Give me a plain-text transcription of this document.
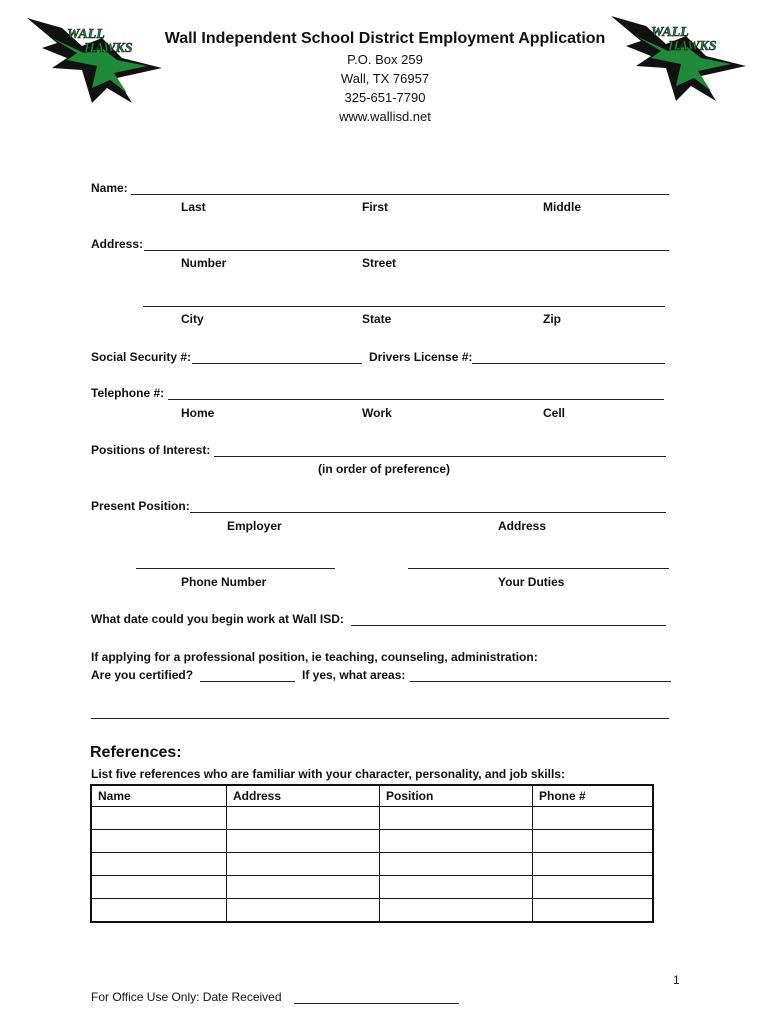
WALL
HAWKS
WALL
HAWKS
Wall Independent School District Employment Application
P.O. Box 259
Wall, TX 76957
325-651-7790
www.wallisd.net
Name:
Last	First	Middle
Address:
Number	Street
City	State	Zip
Social Security #:	Drivers License #:
Telephone #:
Home	Work	Cell
Positions of Interest:
(in order of preference)
Present Position:
Employer	Address
Phone Number	Your Duties
What date could you begin work at Wall ISD:
If applying for a professional position, ie teaching, counseling, administration:
Are you certified?	If yes, what areas:
References:
List five references who are familiar with your character, personality, and job skills:
Name	Address	Position	Phone #

1
For Office Use Only: Date Received
